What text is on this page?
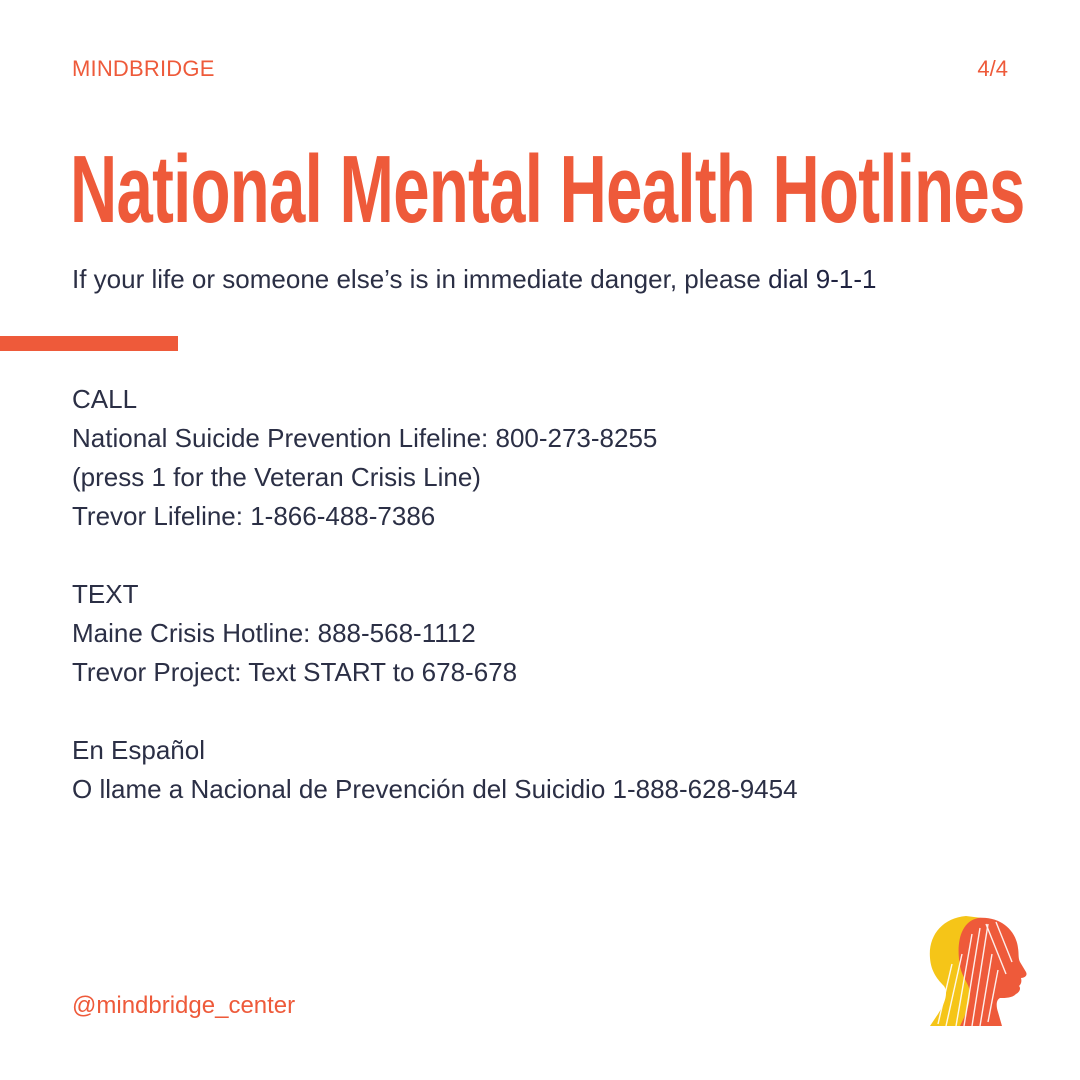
MINDBRIDGE	4/4
National Mental Health Hotlines
If your life or someone else’s is in immediate danger, please dial 9-1-1
CALL
National Suicide Prevention Lifeline: 800-273-8255
(press 1 for the Veteran Crisis Line)
Trevor Lifeline: 1-866-488-7386
TEXT
Maine Crisis Hotline: 888-568-1112
Trevor Project: Text START to 678-678
En Español
O llame a Nacional de Prevención del Suicidio 1-888-628-9454
@mindbridge_center
